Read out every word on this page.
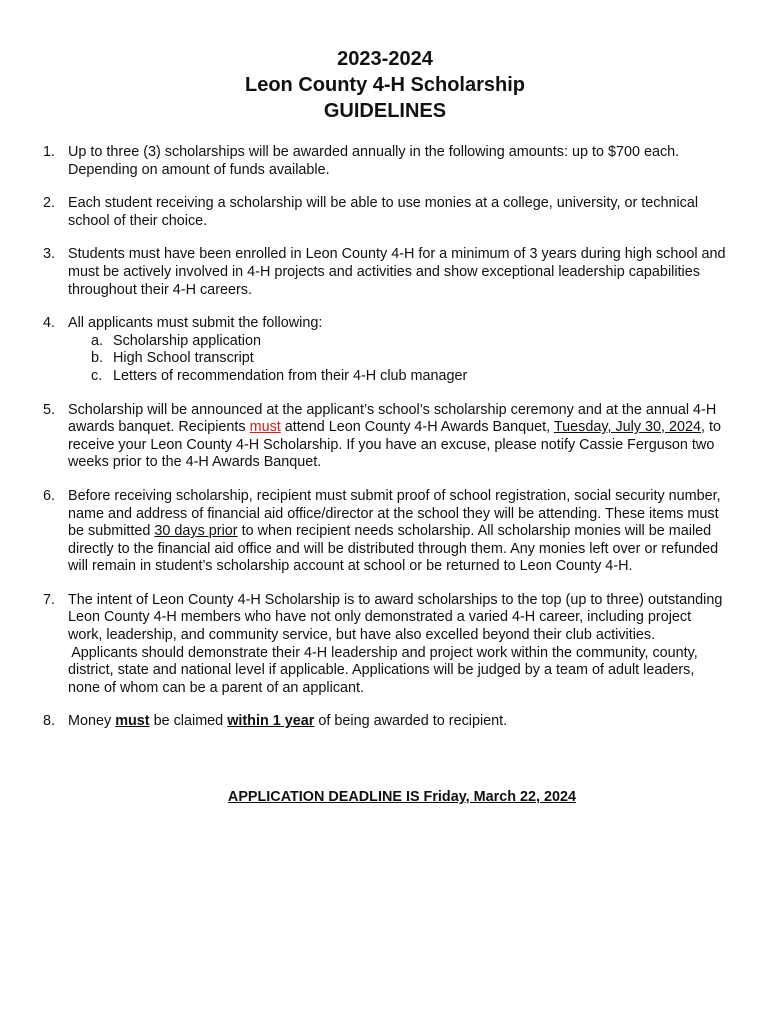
2023-2024
Leon County 4-H Scholarship
GUIDELINES
1. Up to three (3) scholarships will be awarded annually in the following amounts: up to $700 each.
Depending on amount of funds available.
2. Each student receiving a scholarship will be able to use monies at a college, university, or technical
school of their choice.
3. Students must have been enrolled in Leon County 4-H for a minimum of 3 years during high school and
must be actively involved in 4-H projects and activities and show exceptional leadership capabilities
throughout their 4-H careers.
4. All applicants must submit the following:
a. Scholarship application
b. High School transcript
c. Letters of recommendation from their 4-H club manager
5. Scholarship will be announced at the applicant’s school’s scholarship ceremony and at the annual 4-H
awards banquet. Recipients must attend Leon County 4-H Awards Banquet, Tuesday, July 30, 2024, to
receive your Leon County 4-H Scholarship. If you have an excuse, please notify Cassie Ferguson two
weeks prior to the 4-H Awards Banquet.
6. Before receiving scholarship, recipient must submit proof of school registration, social security number,
name and address of financial aid office/director at the school they will be attending. These items must
be submitted 30 days prior to when recipient needs scholarship. All scholarship monies will be mailed
directly to the financial aid office and will be distributed through them. Any monies left over or refunded
will remain in student’s scholarship account at school or be returned to Leon County 4-H.
7. The intent of Leon County 4-H Scholarship is to award scholarships to the top (up to three) outstanding
Leon County 4-H members who have not only demonstrated a varied 4-H career, including project
work, leadership, and community service, but have also excelled beyond their club activities.
Applicants should demonstrate their 4-H leadership and project work within the community, county,
district, state and national level if applicable. Applications will be judged by a team of adult leaders,
none of whom can be a parent of an applicant.
8. Money must be claimed within 1 year of being awarded to recipient.
APPLICATION DEADLINE IS Friday, March 22, 2024
